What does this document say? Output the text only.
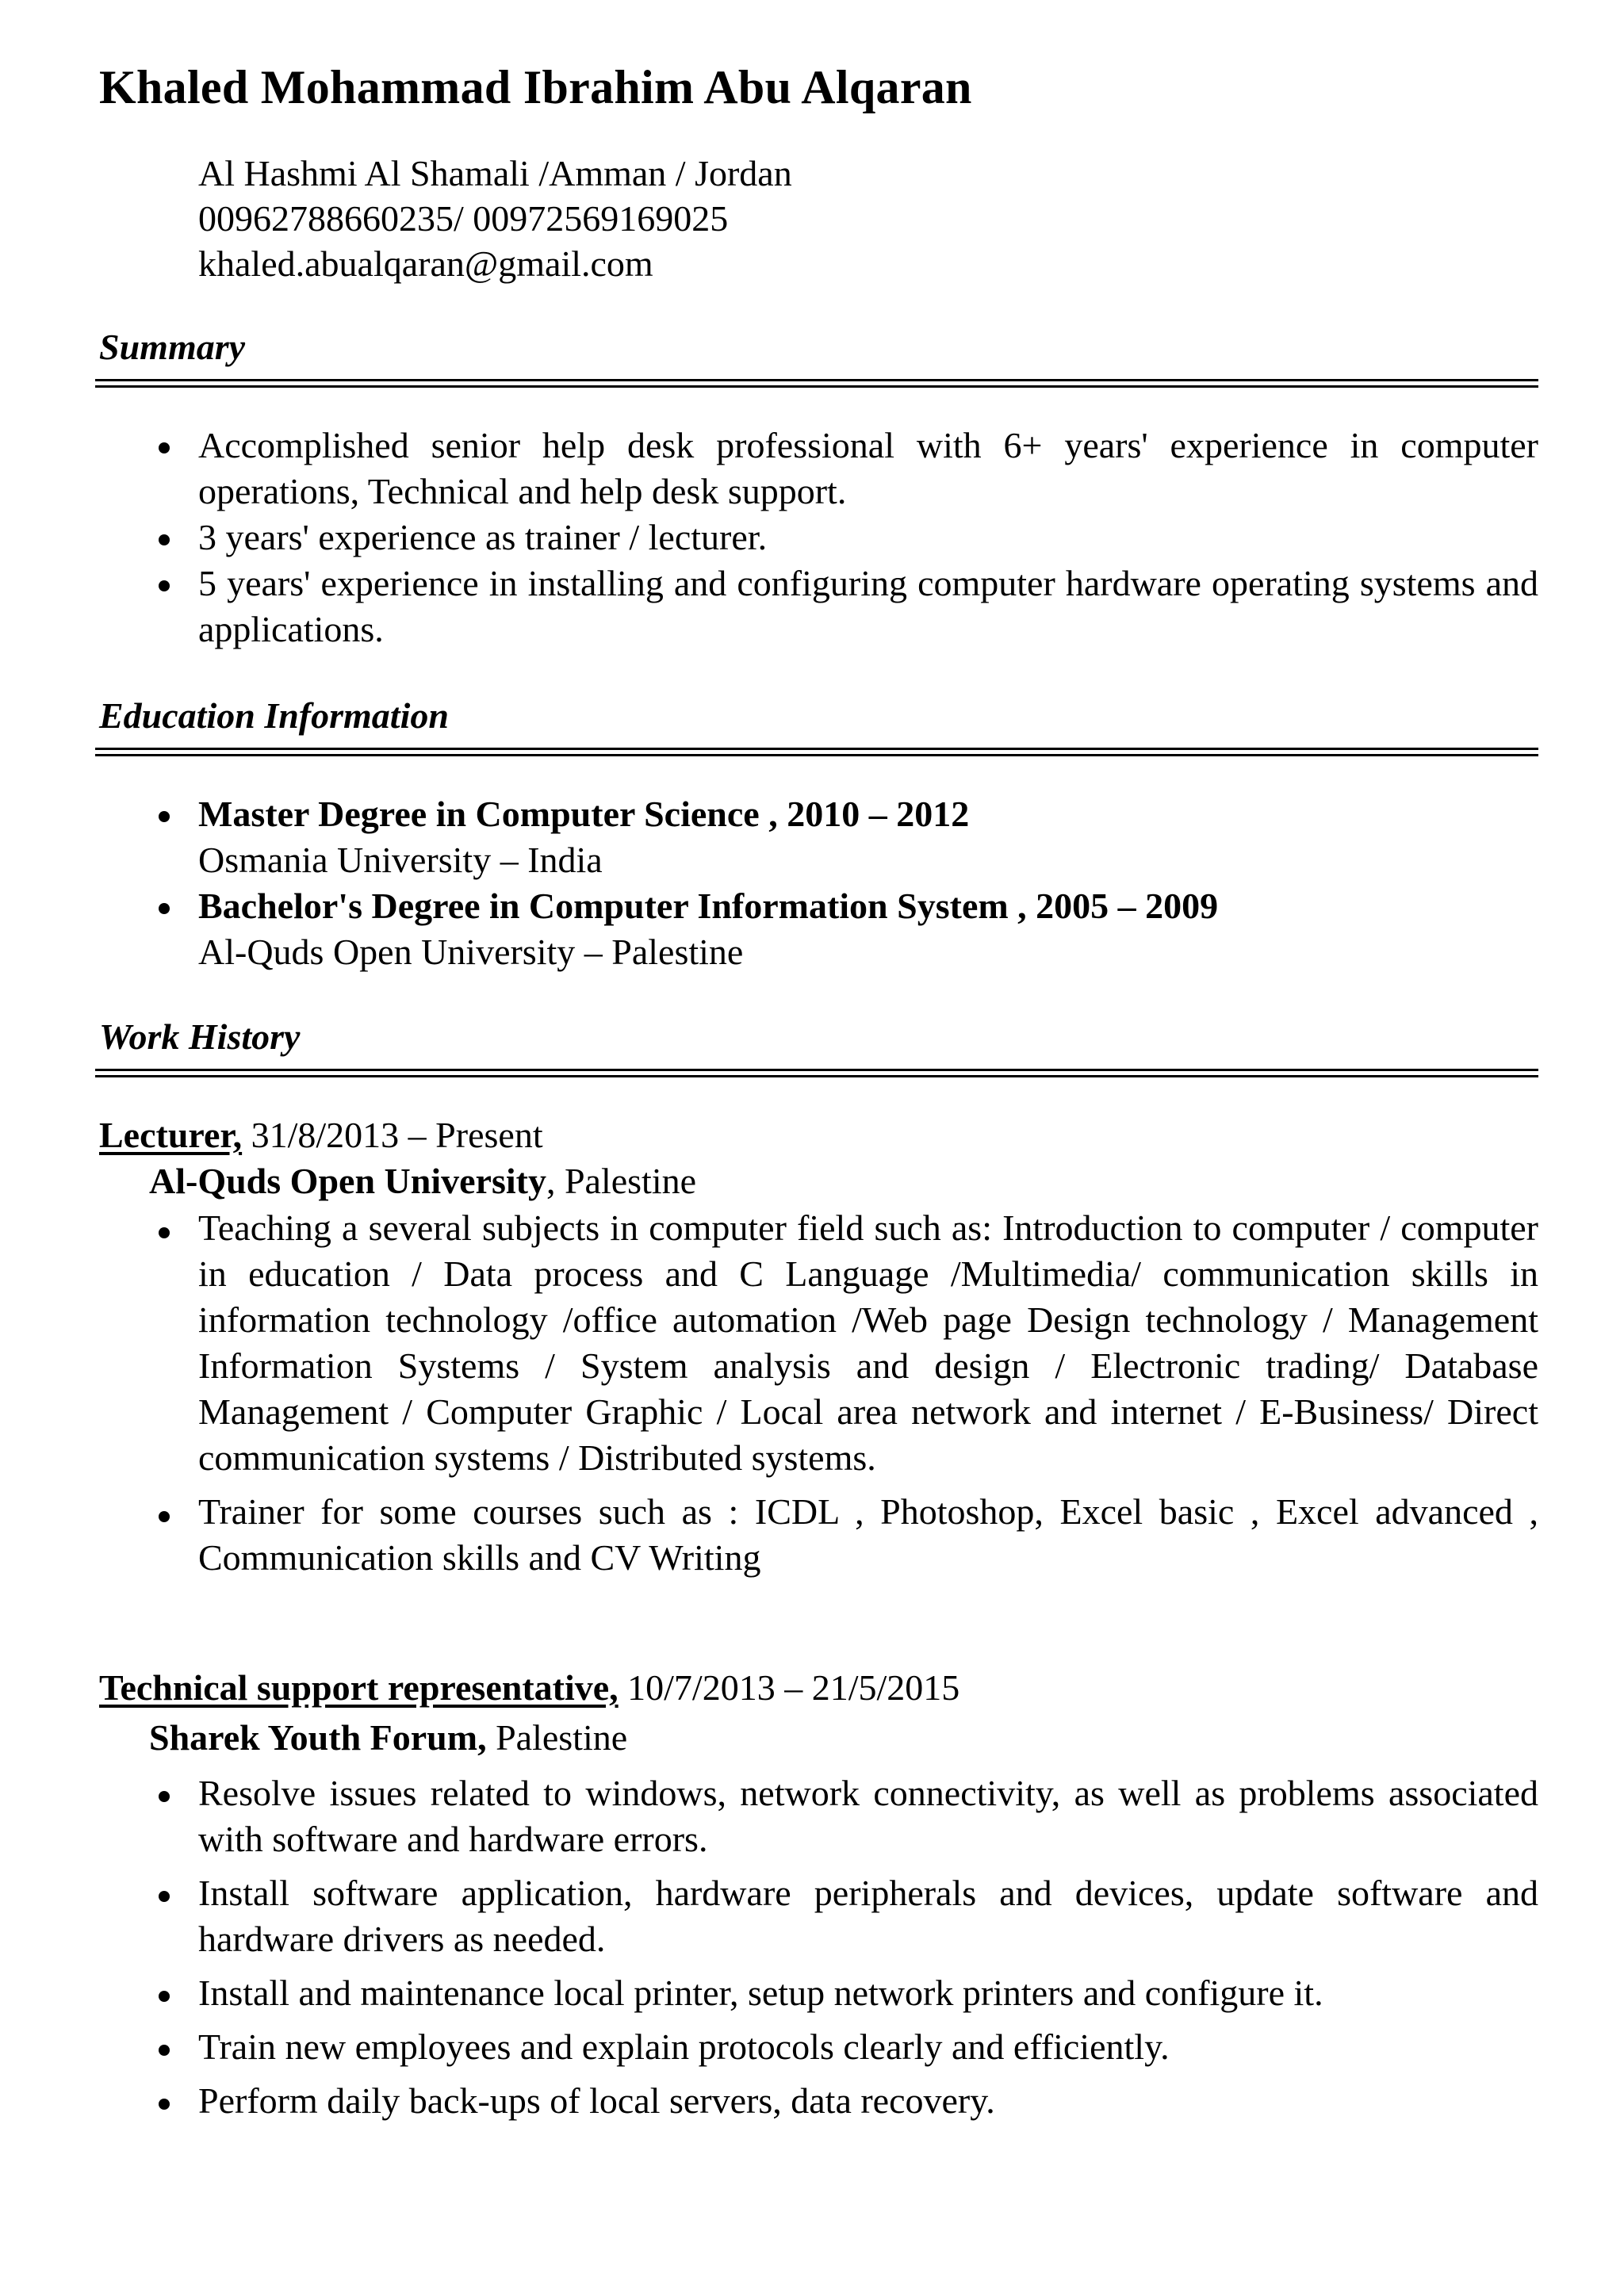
Khaled Mohammad Ibrahim Abu Alqaran
Al Hashmi Al Shamali /Amman / Jordan
00962788660235/ 00972569169025
khaled.abualqaran@gmail.com
Summary
Accomplished senior help desk professional with 6+ years' experience in computer operations, Technical and help desk support.
3 years' experience as trainer / lecturer.
5 years' experience in installing and configuring computer hardware operating systems and applications.
Education Information
Master Degree in Computer Science , 2010 – 2012
Osmania University – India
Bachelor's Degree in Computer Information System , 2005 – 2009
Al-Quds Open University – Palestine
Work History
Lecturer, 31/8/2013 – Present
Al-Quds Open University, Palestine
Teaching a several subjects in computer field such as: Introduction to computer / computer in education / Data process and C Language /Multimedia/ communication skills in information technology /office automation /Web page Design technology / Management Information Systems / System analysis and design / Electronic trading/ Database Management / Computer Graphic / Local area network and internet / E-Business/ Direct communication systems / Distributed systems.
Trainer for some courses such as : ICDL , Photoshop, Excel basic , Excel advanced , Communication skills and CV Writing
Technical support representative, 10/7/2013 – 21/5/2015
Sharek Youth Forum, Palestine
Resolve issues related to windows, network connectivity, as well as problems associated with software and hardware errors.
Install software application, hardware peripherals and devices, update software and hardware drivers as needed.
Install and maintenance local printer, setup network printers and configure it.
Train new employees and explain protocols clearly and efficiently.
Perform daily back-ups of local servers, data recovery.
